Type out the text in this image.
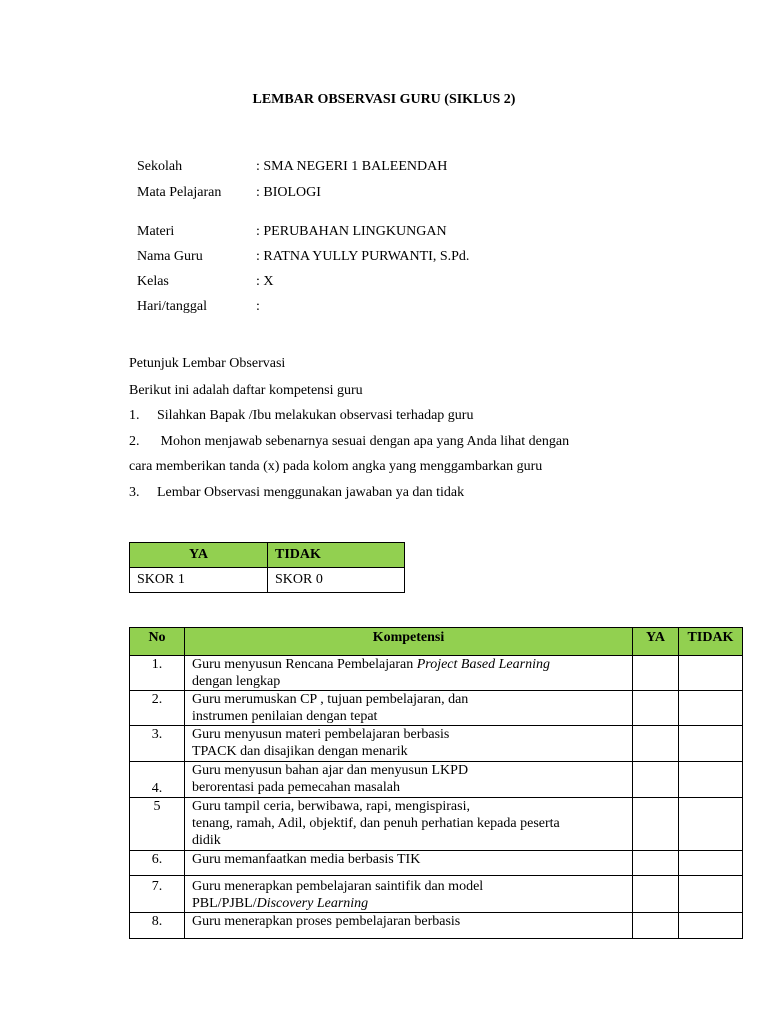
LEMBAR OBSERVASI GURU (SIKLUS 2)
Sekolah	: SMA NEGERI 1 BALEENDAH
Mata Pelajaran	: BIOLOGI
Materi	: PERUBAHAN LINGKUNGAN
Nama Guru	: RATNA YULLY PURWANTI, S.Pd.
Kelas	: X
Hari/tanggal	:
Petunjuk Lembar Observasi
Berikut ini adalah daftar kompetensi guru
1. Silahkan Bapak /Ibu melakukan observasi terhadap guru
2. Mohon menjawab sebenarnya sesuai dengan apa yang Anda lihat dengan
cara memberikan tanda (x) pada kolom angka yang menggambarkan guru
3. Lembar Observasi menggunakan jawaban ya dan tidak
YA	TIDAK
SKOR 1	SKOR 0
No	Kompetensi	YA	TIDAK
1.	Guru menyusun Rencana Pembelajaran Project Based Learning
dengan lengkap		
2.	Guru merumuskan CP , tujuan pembelajaran, dan
instrumen penilaian dengan tepat		
3.	Guru menyusun materi pembelajaran berbasis
TPACK dan disajikan dengan menarik		
4.	Guru menyusun bahan ajar dan menyusun LKPD
berorentasi pada pemecahan masalah		
5	Guru tampil ceria, berwibawa, rapi, mengispirasi,
tenang, ramah, Adil, objektif, dan penuh perhatian kepada peserta
didik		
6.	Guru memanfaatkan media berbasis TIK		
7.	Guru menerapkan pembelajaran saintifik dan model
PBL/PJBL/Discovery Learning		
8.	Guru menerapkan proses pembelajaran berbasis		
